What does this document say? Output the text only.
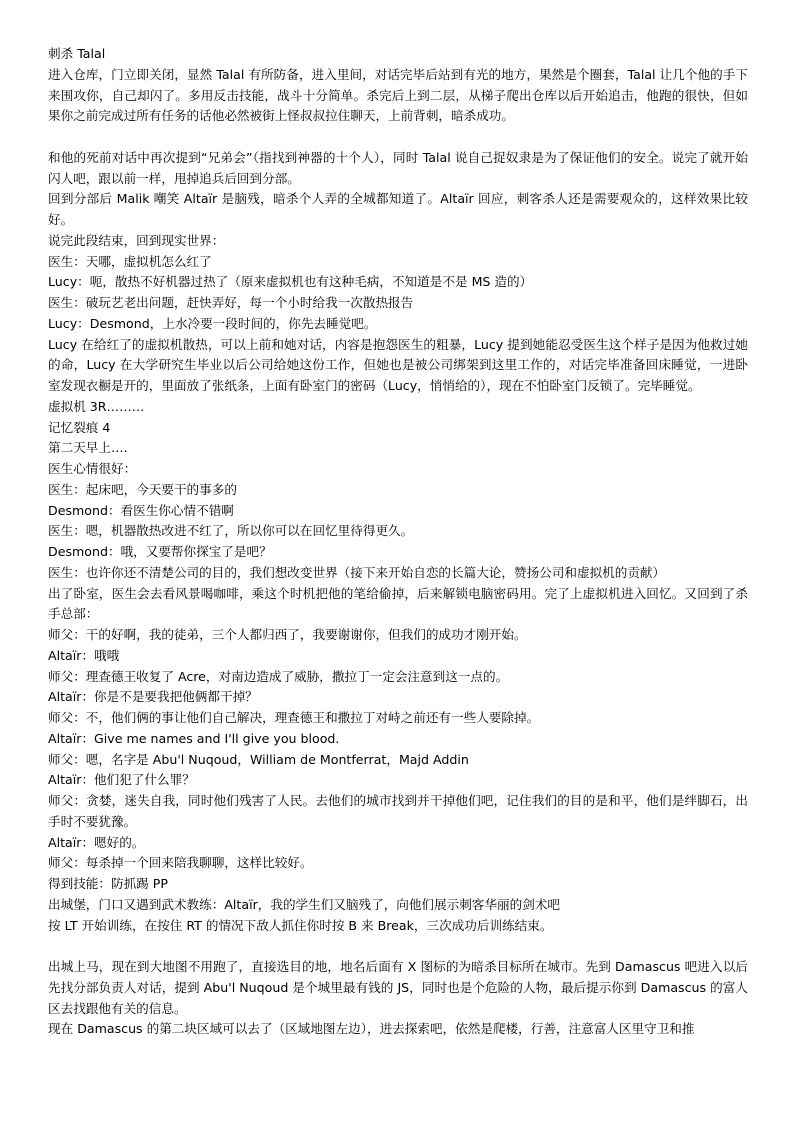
刺杀 Talal

进入仓库，门立即关闭，显然 Talal 有所防备，进入里间，对话完毕后站到有光的地方，果然是个圈套，Talal 让几个他的手下来围攻你，自己却闪了。多用反击技能，战斗十分简单。杀完后上到二层，从梯子爬出仓库以后开始追击，他跑的很快，但如果你之前完成过所有任务的话他必然被街上怪叔叔拉住聊天，上前背刺，暗杀成功。

和他的死前对话中再次提到“兄弟会”（指找到神器的十个人），同时 Talal 说自己捉奴隶是为了保证他们的安全。说完了就开始闪人吧，跟以前一样，甩掉追兵后回到分部。

回到分部后 Malik 嘲笑 Altaïr 是脑残，暗杀个人弄的全城都知道了。Altaïr 回应，刺客杀人还是需要观众的，这样效果比较好。

说完此段结束，回到现实世界：

医生：天哪，虚拟机怎么红了

Lucy：呃，散热不好机器过热了（原来虚拟机也有这种毛病，不知道是不是 MS 造的）

医生：破玩艺老出问题，赶快弄好，每一个小时给我一次散热报告

Lucy：Desmond，上水冷要一段时间的，你先去睡觉吧。

Lucy 在给红了的虚拟机散热，可以上前和她对话，内容是抱怨医生的粗暴，Lucy 提到她能忍受医生这个样子是因为他救过她的命，Lucy 在大学研究生毕业以后公司给她这份工作，但她也是被公司绑架到这里工作的，对话完毕准备回床睡觉，一进卧室发现衣橱是开的，里面放了张纸条，上面有卧室门的密码（Lucy，悄悄给的），现在不怕卧室门反锁了。完毕睡觉。

虚拟机 3R………

记忆裂痕 4

第二天早上….

医生心情很好：

医生：起床吧，今天要干的事多的

Desmond：看医生你心情不错啊

医生：嗯，机器散热改进不红了，所以你可以在回忆里待得更久。

Desmond：哦，又要帮你探宝了是吧？

医生：也许你还不清楚公司的目的，我们想改变世界（接下来开始自恋的长篇大论，赞扬公司和虚拟机的贡献）

出了卧室，医生会去看风景喝咖啡，乘这个时机把他的笔给偷掉，后来解锁电脑密码用。完了上虚拟机进入回忆。又回到了杀手总部：

师父：干的好啊，我的徒弟，三个人都归西了，我要谢谢你，但我们的成功才刚开始。

Altaïr：哦哦

师父：理查德王收复了 Acre，对南边造成了威胁，撒拉丁一定会注意到这一点的。

Altaïr：你是不是要我把他俩都干掉？

师父：不，他们俩的事让他们自己解决，理查德王和撒拉丁对峙之前还有一些人要除掉。

Altaïr：Give me names and I'll give you blood.

师父：嗯，名字是 Abu'l Nuqoud，William de Montferrat，Majd Addin

Altaïr：他们犯了什么罪？

师父：贪婪，迷失自我，同时他们残害了人民。去他们的城市找到并干掉他们吧，记住我们的目的是和平，他们是绊脚石，出手时不要犹豫。

Altaïr：嗯好的。

师父：每杀掉一个回来陪我聊聊，这样比较好。

得到技能：防抓踢 PP

出城堡，门口又遇到武术教练：Altaïr，我的学生们又脑残了，向他们展示刺客华丽的剑术吧

按 LT 开始训练，在按住 RT 的情况下敌人抓住你时按 B 来 Break，三次成功后训练结束。

出城上马，现在到大地图不用跑了，直接选目的地，地名后面有 X 图标的为暗杀目标所在城市。先到 Damascus 吧进入以后先找分部负责人对话，提到 Abu'l Nuqoud 是个城里最有钱的 JS，同时也是个危险的人物，最后提示你到 Damascus 的富人区去找跟他有关的信息。

现在 Damascus 的第二块区域可以去了（区域地图左边），进去探索吧，依然是爬楼，行善，注意富人区里守卫和推
